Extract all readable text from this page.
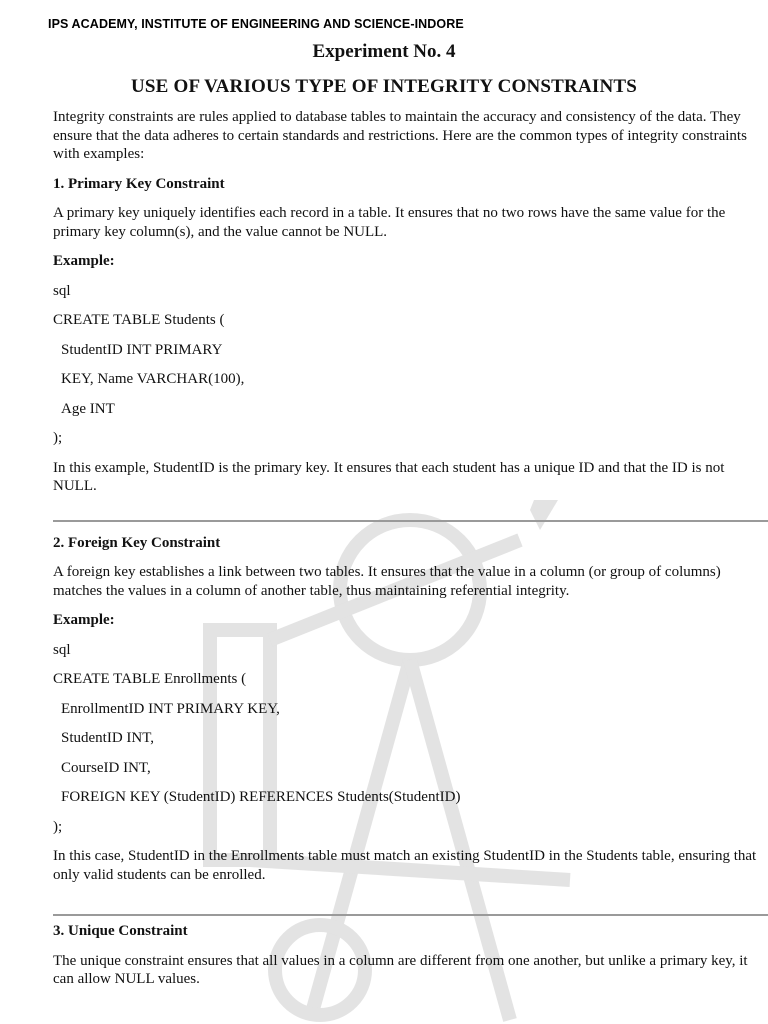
IPS ACADEMY, INSTITUTE OF ENGINEERING AND SCIENCE-INDORE
Experiment No. 4
USE OF VARIOUS TYPE OF INTEGRITY CONSTRAINTS

Integrity constraints are rules applied to database tables to maintain the accuracy and consistency of the data. They ensure that the data adheres to certain standards and restrictions. Here are the common types of integrity constraints with examples:

1. Primary Key Constraint

A primary key uniquely identifies each record in a table. It ensures that no two rows have the same value for the primary key column(s), and the value cannot be NULL.

Example:
sql
CREATE TABLE Students (
StudentID INT PRIMARY
KEY, Name VARCHAR(100),
Age INT
);

In this example, StudentID is the primary key. It ensures that each student has a unique ID and that the ID is not NULL.

2. Foreign Key Constraint

A foreign key establishes a link between two tables. It ensures that the value in a column (or group of columns) matches the values in a column of another table, thus maintaining referential integrity.

Example:
sql
CREATE TABLE Enrollments (
EnrollmentID INT PRIMARY KEY,
StudentID INT,
CourseID INT,
FOREIGN KEY (StudentID) REFERENCES Students(StudentID)
);

In this case, StudentID in the Enrollments table must match an existing StudentID in the Students table, ensuring that only valid students can be enrolled.

3. Unique Constraint

The unique constraint ensures that all values in a column are different from one another, but unlike a primary key, it can allow NULL values.
